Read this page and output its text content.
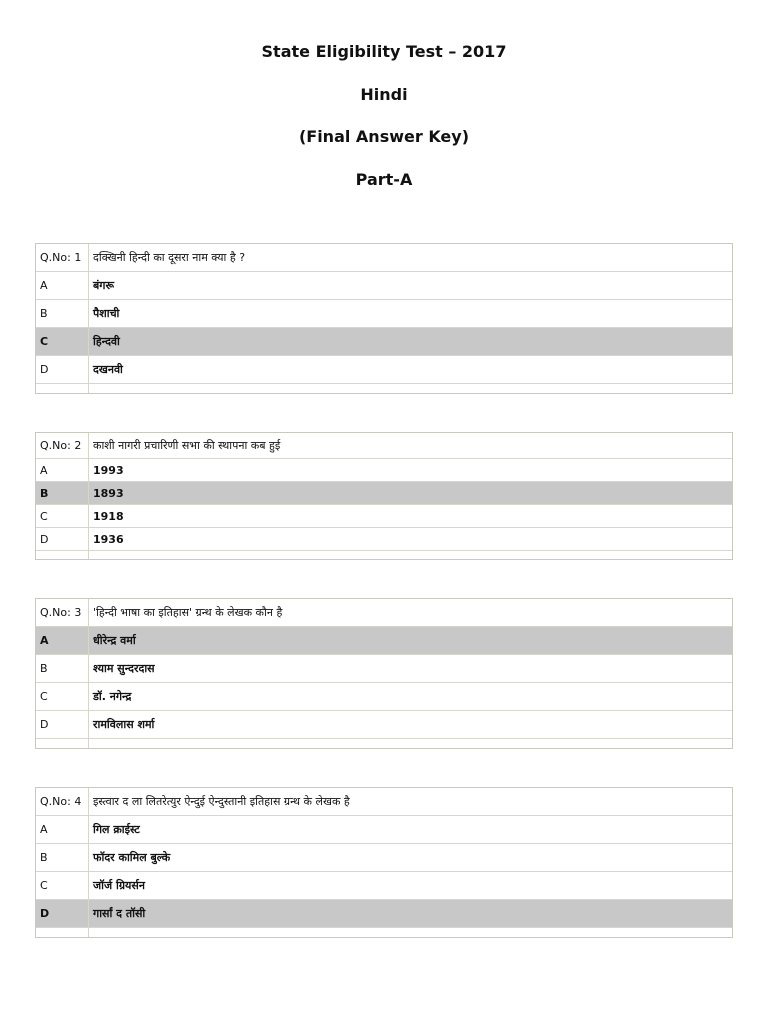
State Eligibility Test – 2017
Hindi
(Final Answer Key)
Part-A
Q.No: 1	दक्खिनी हिन्दी का दूसरा नाम क्या है ?
A	बंगरू
B	पैशाची
C	हिन्दवी
D	दखनवी
Q.No: 2	काशी नागरी प्रचारिणी सभा की स्थापना कब हुई
A	1993
B	1893
C	1918
D	1936
Q.No: 3	'हिन्दी भाषा का इतिहास' ग्रन्थ के लेखक कौन है
A	धीरेन्द्र वर्मा
B	श्याम सुन्दरदास
C	डॉ. नगेन्द्र
D	रामविलास शर्मा
Q.No: 4	इस्त्वार द ला लितरेत्युर ऐन्दुई ऐन्दुस्तानी इतिहास ग्रन्थ के लेखक है
A	गिल क्राईस्ट
B	फॉदर कामिल बुल्के
C	जॉर्ज ग्रियर्सन
D	गार्सां द तॉसी
